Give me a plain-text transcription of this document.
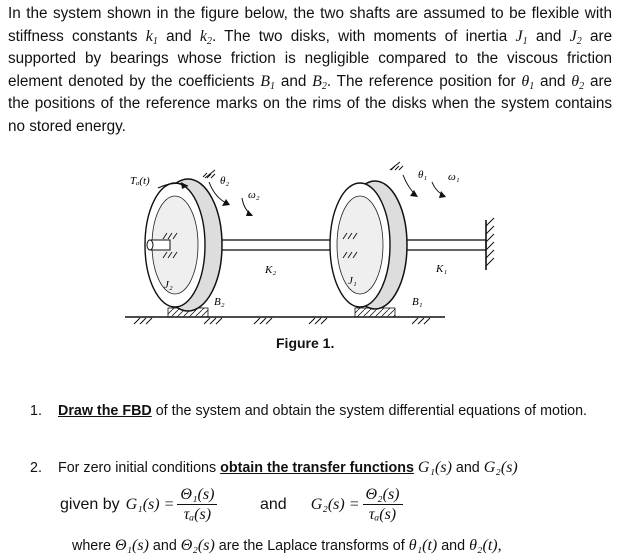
In the system shown in the figure below, the two shafts are assumed to be flexible with stiffness constants $k_1$ and $k_2$. The two disks, with moments of inertia $J_1$ and $J_2$ are supported by bearings whose friction is negligible compared to the viscous friction element denoted by the coefficients $B_1$ and $B_2$. The reference position for $\theta_1$ and $\theta_2$ are the positions of the reference marks on the rims of the disks when the system contains no stored energy.

Tₐ(t)	θ₂
ω₂
θ₁ ω₁
K₂	K₁
J₂	J₁
B₂	B₁
Figure 1.
1. Draw the FBD of the system and obtain the system differential equations of motion.
2. For zero initial conditions obtain the transfer functions G₁(s) and G₂(s)
given by $G_1(s) = \frac{\text{Θ₁(s)}}{\text{τₐ(s)}}$	and $G_2(s) = \frac{\text{Θ₂(s)}}{\text{τₐ(s)}}$
where Θ₁(s) and Θ₂(s) are the Laplace transforms of θ₁(t) and θ₂(t),
